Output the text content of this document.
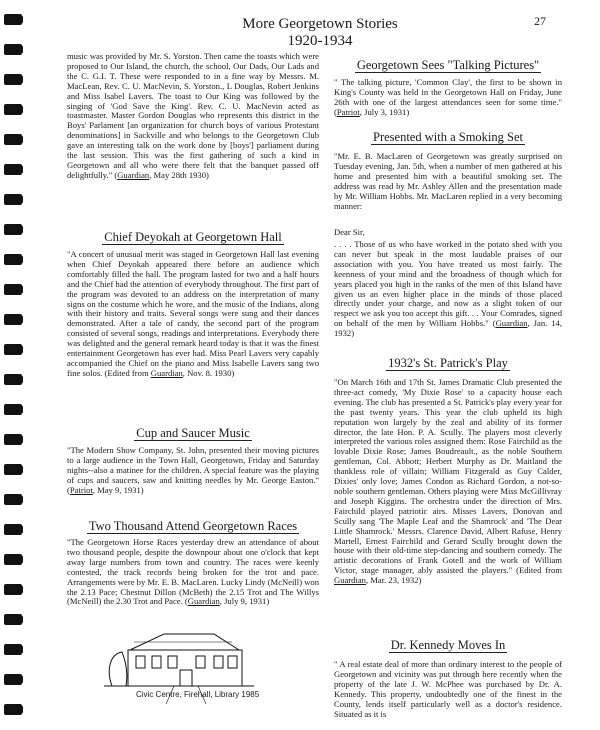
More Georgetown Stories
1920-1934
27
music was provided by Mr. S. Yorston. Then came the toasts which were proposed to Our Island, the church, the school, Our Dads, Our Lads and the C. G.I. T. These were responded to in a fine way by Messrs. M. MacLean, Rev. C. U. MacNevin, S. Yorston., L Douglas, Robert Jenkins and Miss Isabel Lavers. The toast to Our King was followed by the singing of 'God Save the King'. Rev. C. U. MacNevin acted as toastmaster. Master Gordon Douglas who represents this district in the Boys' Parlament [an organization for church boys of various Protestant denominations] in Sackville and who belongs to the Georgetown Club gave an interesting talk on the work done by [boys'] parliament during the last session. This was the first gathering of such a kind in Georgetown and all who were there felt that the banquet passed off delightfully." (Guardian, May 28th 1930)
Chief Deyokah at Georgetown Hall
"A concert of unusual merit was staged in Georgetown Hall last evening when Chief Deyokah appeared there before an audience which comfortably filled the hall. The program lasted for two and a half hours and the Chief had the attention of everybody throughout. The first part of the program was devoted to an address on the interpretation of many signs on the costume which he wore, and the music of the Indians, along with their history and traits. Several songs were sung and their dances demonstrated. After a tale of candy, the second part of the program consisted of several songs, readings and interpretations. Everybody there was delighted and the general remark heard today is that it was the finest entertainment Georgetown has ever had. Miss Pearl Lavers very capably accompanied the Chief on the piano and Miss Isabelle Lavers sang two fine solos. (Edited from Guardian, Nov. 8. 1930)
Cup and Saucer Music
"The Modern Show Company, St. John, presented their moving pictures to a large audience in the Town Hall, Georgetown, Friday and Saturday nights--also a matinee for the children. A special feature was the playing of cups and saucers, saw and knitting needles by Mr. George Easton." (Patriot, May 9, 1931)
Two Thousand Attend Georgetown Races
"The Georgetown Horse Races yesterday drew an attendance of about two thousand people, despite the downpour about one o'clock that kept away large numbers from town and country. The races were keenly contested, the track records being broken for the trot and pace. Arrangements were by Mr. E. B. MacLaren. Lucky Lindy (McNeill) won the 2.13 Pace; Chestnut Dillon (McBeth) the 2.15 Trot and The Willys (McNeill) the 2.30 Trot and Pace. (Guardian, July 9, 1931)
Civic Centre, Firehall, Library 1985
Georgetown Sees "Talking Pictures"
" The talking picture, 'Common Clay', the first to be shown in King's County was held in the Georgetown Hall on Friday, June 26th with one of the largest attendances seen for some time." (Patriot, July 3, 1931)
Presented with a Smoking Set
"Mr. E. B. MacLaren of Georgetown was greatly surprised on Tuesday evening, Jan. 5th, when a number of men gathered at his home and presented him with a beautiful smoking set. The address was read by Mr. Ashley Allen and the presentation made by Mr. William Hobbs. Mr. MacLaren replied in a very becoming manner:
Dear Sir,
. . . . Those of us who have worked in the potato shed with you can never but speak in the most laudable praises of our association with you. You have treated us most fairly. The keenness of your mind and the broadness of though which for years placed you high in the ranks of the men of this Island have given us an even higher place in the minds of those placed directly under your charge, and now as a slight token of our respect we ask you too accept this gift. . . Your Comrades, signed on behalf of the men by William Hobbs." (Guardian, Jan. 14, 1932)
1932's St. Patrick's Play
"On March 16th and 17th St. James Dramatic Club presented the three-act comedy, 'My Dixie Rose' to a capacity house each evening. The club has presented a St. Patrick's play every year for the past twenty years. This year the club upheld its high reputation won largely by the zeal and ability of its former director, the late Hon. P. A. Scully. The players most cleverly interpreted the various roles assigned them: Rose Fairchild as the lovable Dixie Rose; James Boudreault., as the noble Southern gentleman, Col. Abbott; Herbert Murphy as Dr. Maitland the thankless role of villain; William Fitzgerald as Guy Calder, Dixies' only love; James Condon as Richard Gordon, a not-so-noble southern gentleman. Others playing were Miss McGillivray and Joseph Kiggins. The orchestra under the direction of Mrs. Fairchild played patriotic airs. Misses Lavers, Donovan and Scully sang 'The Maple Leaf and the Shamrock' and 'The Dear Little Shamrock.' Messrs. Clarence David, Albert Rafuse, Henry Martell, Ernest Fairchild and Gerard Scully brought down the house with their old-time step-dancing and southern comedy. The artistic decorations of Frank Gotell and the work of William Victor, stage manager, ably assisted the players." (Edited from Guardian, Mar. 23, 1932)
Dr. Kennedy Moves In
" A real estate deal of more than ordinary interest to the people of Georgetown and vicinity was put through here recently when the property of the late J. W. McPhee was purchased by Dr. A. Kennedy. This property, undoubtedly one of the finest in the County, lends itself particularly well as a doctor's residence. Situated as it is
